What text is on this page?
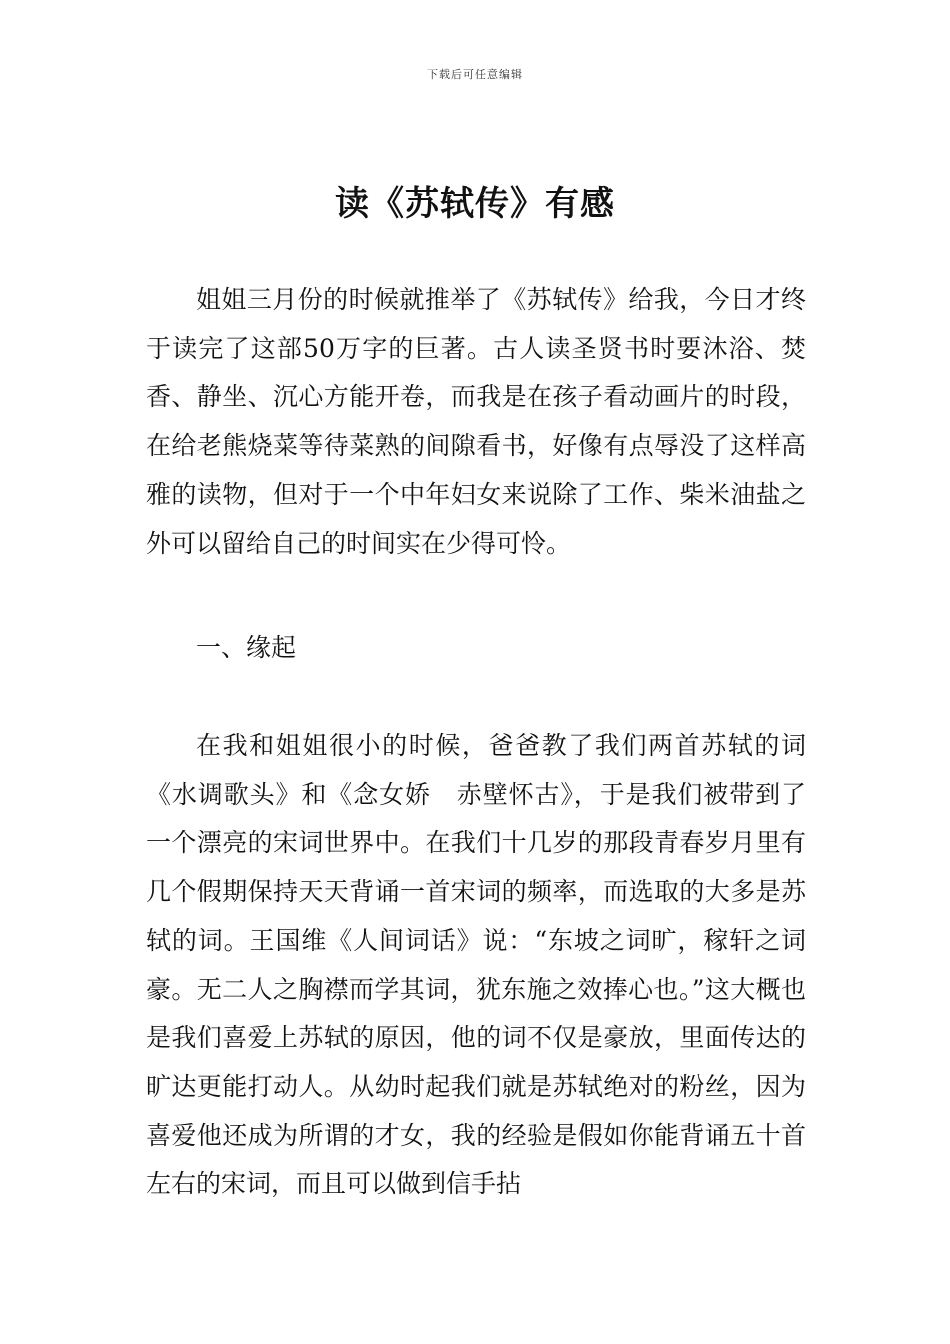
下载后可任意编辑
读《苏轼传》有感

姐姐三月份的时候就推举了《苏轼传》给我，今日才终于读完了这部50万字的巨著。古人读圣贤书时要沐浴、焚香、静坐、沉心方能开卷，而我是在孩子看动画片的时段，在给老熊烧菜等待菜熟的间隙看书，好像有点辱没了这样高雅的读物，但对于一个中年妇女来说除了工作、柴米油盐之外可以留给自己的时间实在少得可怜。

一、缘起

在我和姐姐很小的时候，爸爸教了我们两首苏轼的词《水调歌头》和《念女娇　赤壁怀古》，于是我们被带到了一个漂亮的宋词世界中。在我们十几岁的那段青春岁月里有几个假期保持天天背诵一首宋词的频率，而选取的大多是苏轼的词。王国维《人间词话》说：“东坡之词旷，稼轩之词豪。无二人之胸襟而学其词，犹东施之效捧心也。”这大概也是我们喜爱上苏轼的原因，他的词不仅是豪放，里面传达的旷达更能打动人。从幼时起我们就是苏轼绝对的粉丝，因为喜爱他还成为所谓的才女，我的经验是假如你能背诵五十首左右的宋词，而且可以做到信手拈
